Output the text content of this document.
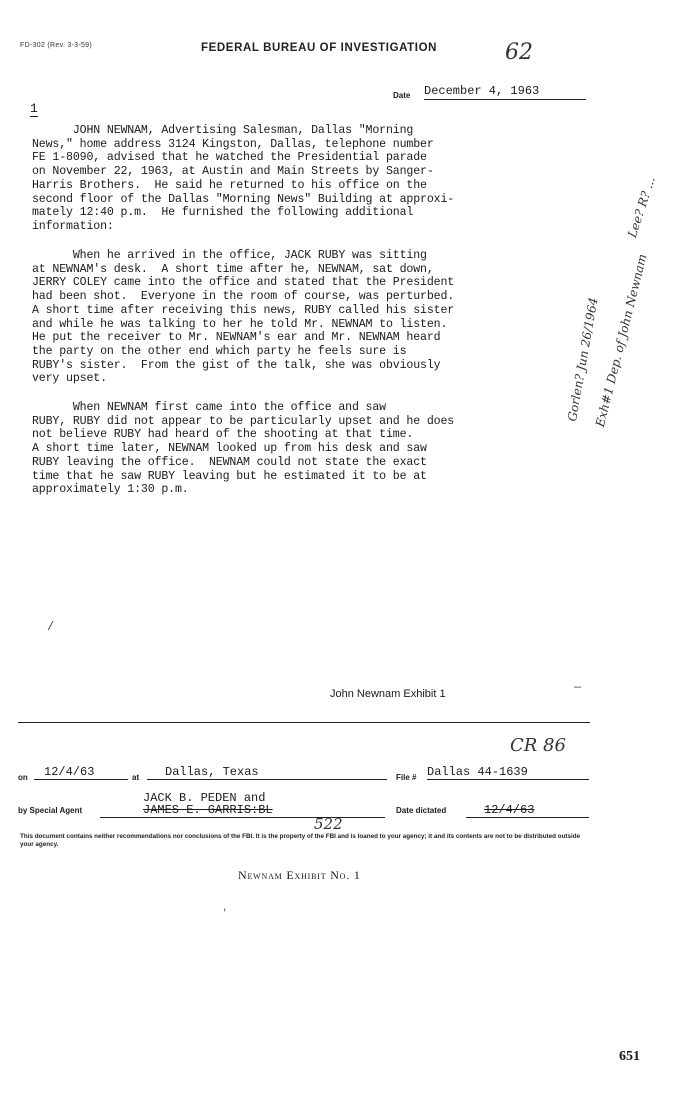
FD-302 (Rev. 3-3-59)	FEDERAL BUREAU OF INVESTIGATION	62
Date December 4, 1963
1
JOHN NEWNAM, Advertising Salesman, Dallas "Morning
News," home address 3124 Kingston, Dallas, telephone number
FE 1-8090, advised that he watched the Presidential parade
on November 22, 1963, at Austin and Main Streets by Sanger-
Harris Brothers.  He said he returned to his office on the
second floor of the Dallas "Morning News" Building at approxi-
mately 12:40 p.m.  He furnished the following additional
information:
When he arrived in the office, JACK RUBY was sitting
at NEWNAM's desk.  A short time after he, NEWNAM, sat down,
JERRY COLEY came into the office and stated that the President
had been shot.  Everyone in the room of course, was perturbed.
A short time after receiving this news, RUBY called his sister
and while he was talking to her he told Mr. NEWNAM to listen.
He put the receiver to Mr. NEWNAM's ear and Mr. NEWNAM heard
the party on the other end which party he feels sure is
RUBY's sister.  From the gist of the talk, she was obviously
very upset.
When NEWNAM first came into the office and saw
RUBY, RUBY did not appear to be particularly upset and he does
not believe RUBY had heard of the shooting at that time.
A short time later, NEWNAM looked up from his desk and saw
RUBY leaving the office.  NEWNAM could not state the exact
time that he saw RUBY leaving but he estimated it to be at
approximately 1:30 p.m.
Gorlen? Jun 26/1964
Exh#1 Dep. of John Newnam
Lee? R? ...
/
—
John Newnam Exhibit 1
CR 86
on	12/4/63	at	Dallas, Texas	File # Dallas 44-1639
JACK B. PEDEN and
by Special Agent	JAMES E. GARRIS:BL	Date dictated	12/4/63
522
This document contains neither recommendations nor conclusions of the FBI. It is the property of the FBI and is loaned to your agency; it and its contents are not to be distributed outside your agency.
Newnam Exhibit No. 1
'
651
